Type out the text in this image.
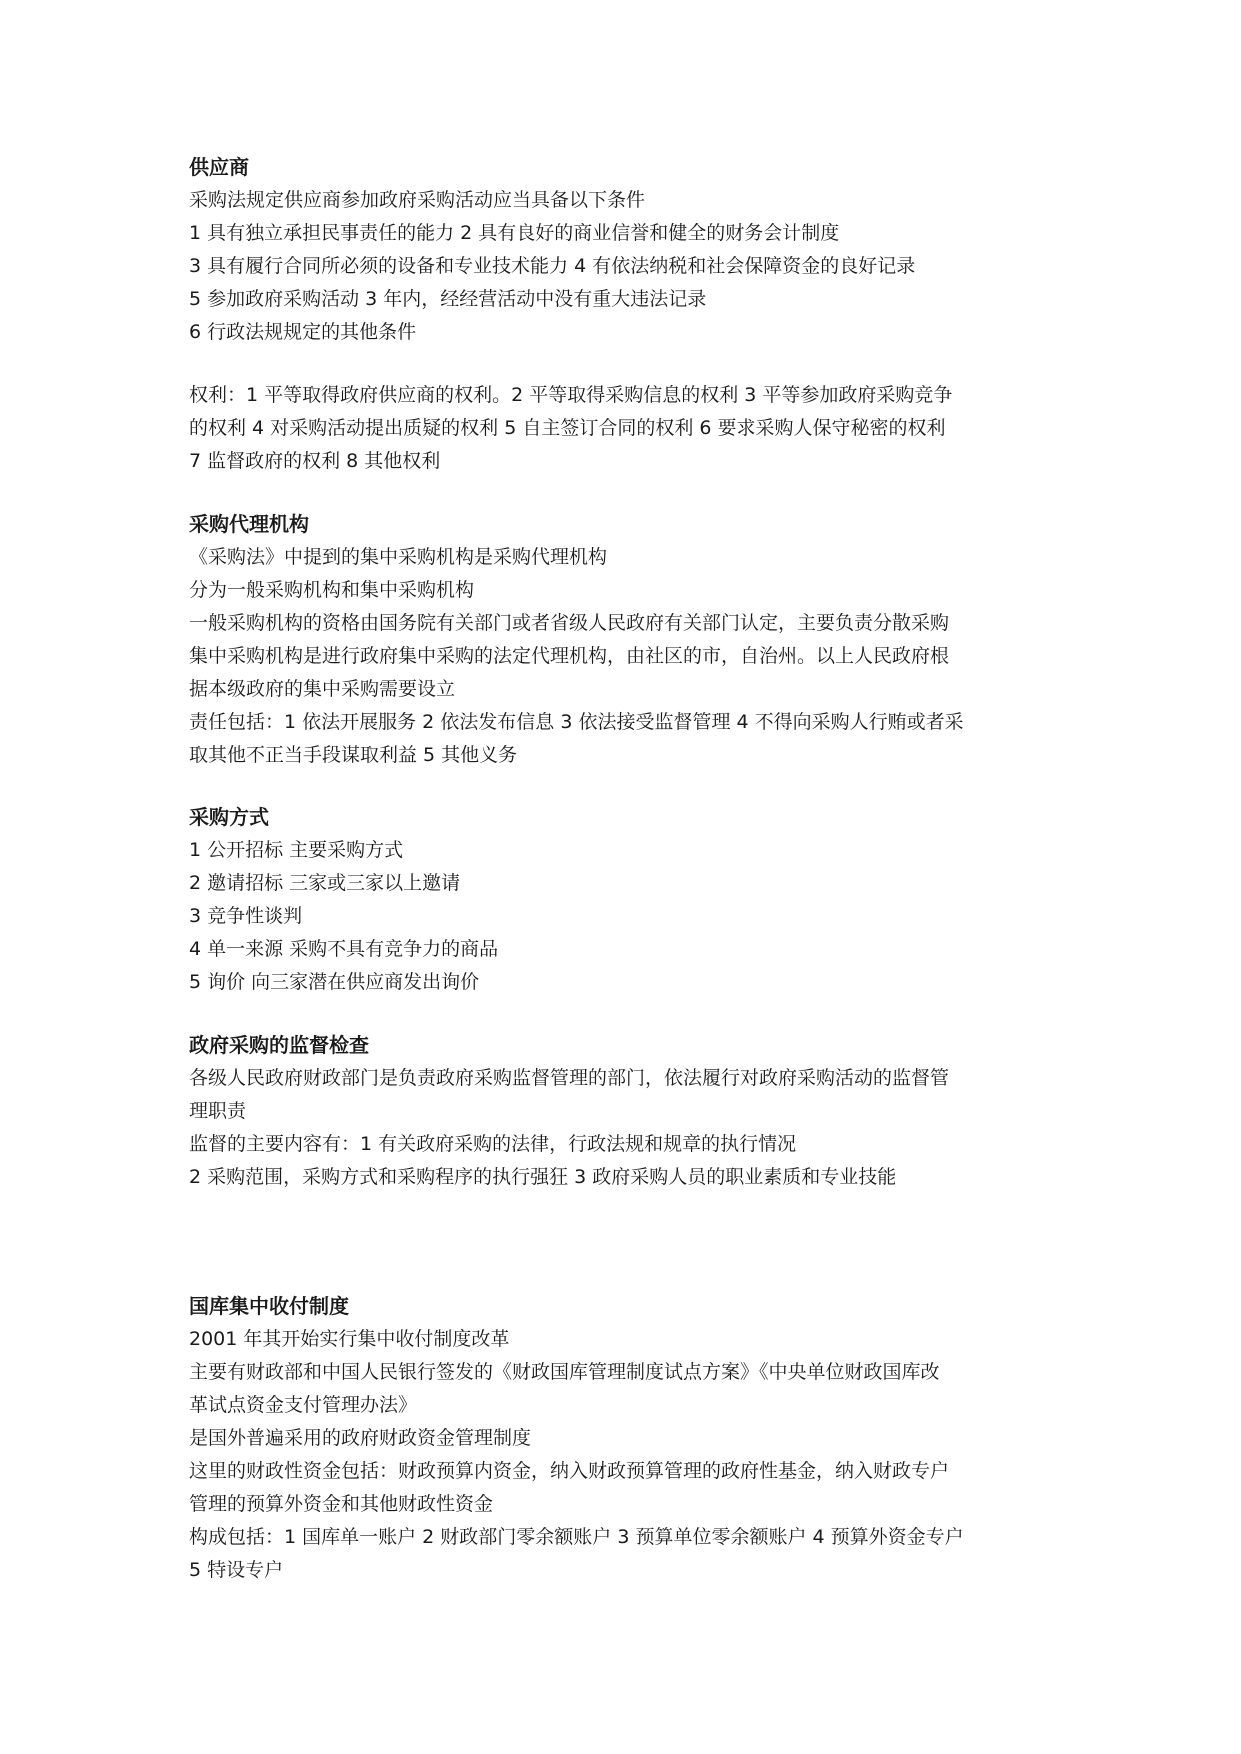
供应商
采购法规定供应商参加政府采购活动应当具备以下条件
1 具有独立承担民事责任的能力 2 具有良好的商业信誉和健全的财务会计制度
3 具有履行合同所必须的设备和专业技术能力 4 有依法纳税和社会保障资金的良好记录
5 参加政府采购活动 3 年内，经经营活动中没有重大违法记录
6 行政法规规定的其他条件
权利：1 平等取得政府供应商的权利。2 平等取得采购信息的权利 3 平等参加政府采购竞争
的权利 4 对采购活动提出质疑的权利 5 自主签订合同的权利 6 要求采购人保守秘密的权利
7 监督政府的权利 8 其他权利
采购代理机构
《采购法》中提到的集中采购机构是采购代理机构
分为一般采购机构和集中采购机构
一般采购机构的资格由国务院有关部门或者省级人民政府有关部门认定，主要负责分散采购
集中采购机构是进行政府集中采购的法定代理机构，由社区的市，自治州。以上人民政府根
据本级政府的集中采购需要设立
责任包括：1 依法开展服务 2 依法发布信息 3 依法接受监督管理 4 不得向采购人行贿或者采
取其他不正当手段谋取利益 5 其他义务
采购方式
1 公开招标 主要采购方式
2 邀请招标 三家或三家以上邀请
3 竞争性谈判
4 单一来源 采购不具有竞争力的商品
5 询价 向三家潜在供应商发出询价
政府采购的监督检查
各级人民政府财政部门是负责政府采购监督管理的部门，依法履行对政府采购活动的监督管
理职责
监督的主要内容有：1 有关政府采购的法律，行政法规和规章的执行情况
2 采购范围，采购方式和采购程序的执行强狂 3 政府采购人员的职业素质和专业技能
国库集中收付制度
2001 年其开始实行集中收付制度改革
主要有财政部和中国人民银行签发的《财政国库管理制度试点方案》《中央单位财政国库改
革试点资金支付管理办法》
是国外普遍采用的政府财政资金管理制度
这里的财政性资金包括：财政预算内资金，纳入财政预算管理的政府性基金，纳入财政专户
管理的预算外资金和其他财政性资金
构成包括：1 国库单一账户 2 财政部门零余额账户 3 预算单位零余额账户 4 预算外资金专户
5 特设专户
